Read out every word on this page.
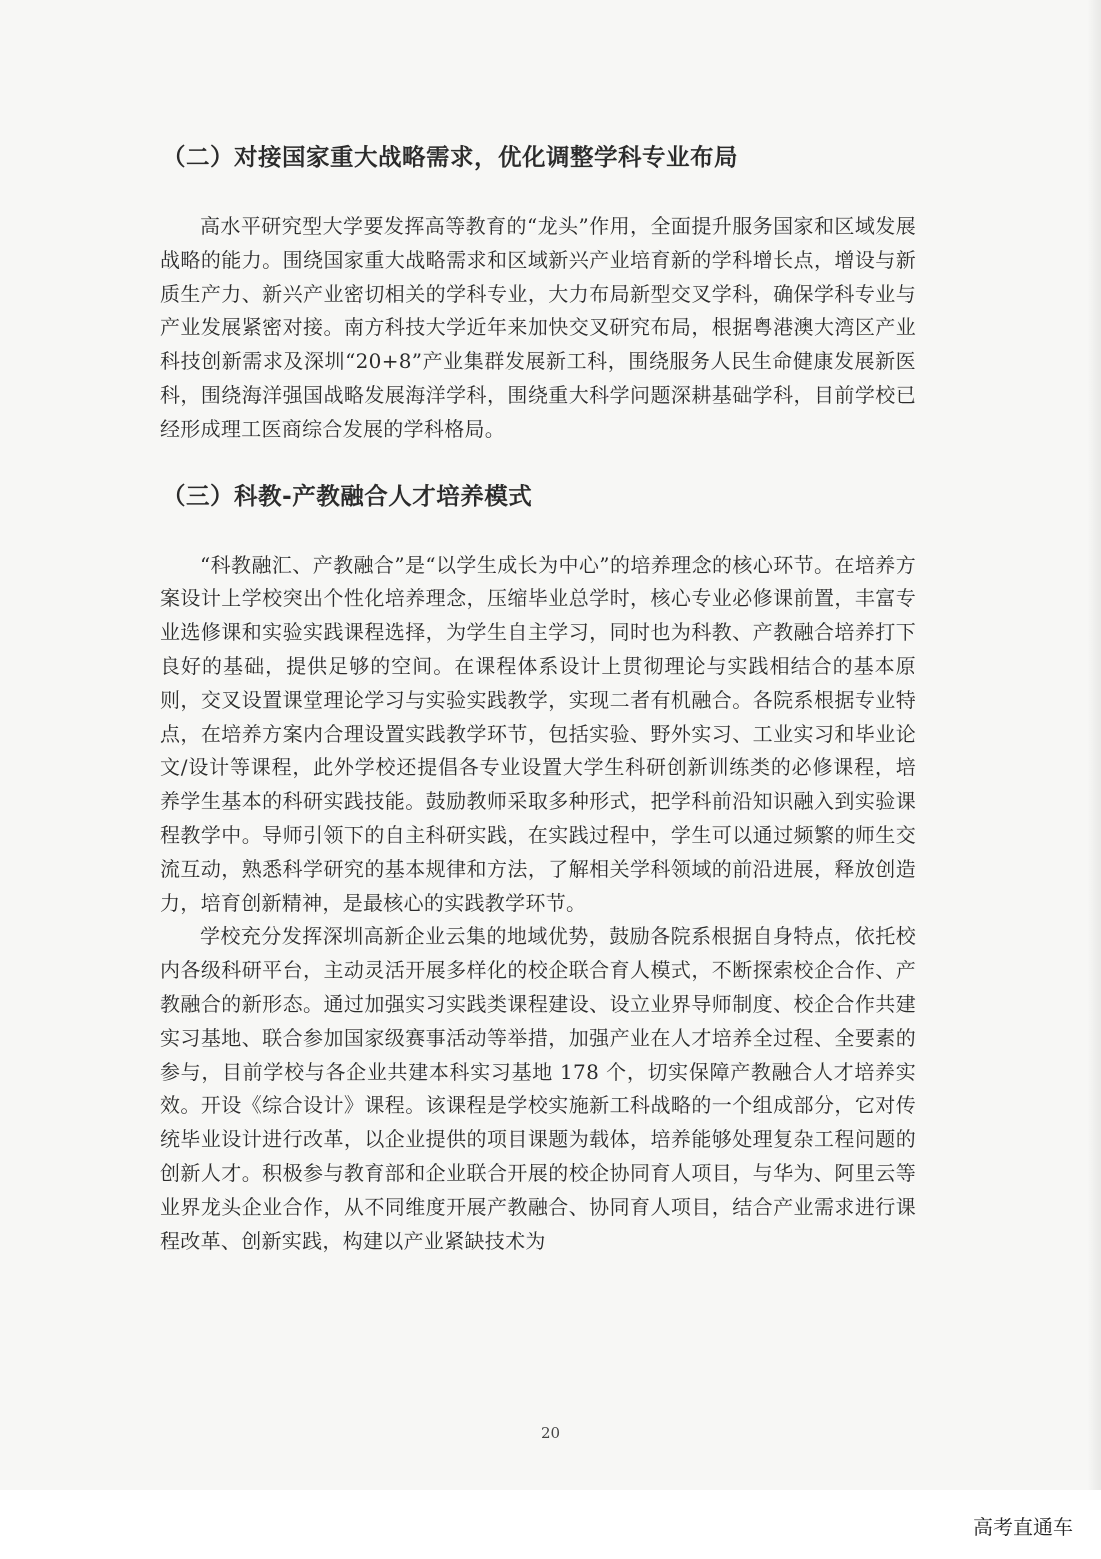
（二）对接国家重大战略需求，优化调整学科专业布局

高水平研究型大学要发挥高等教育的“龙头”作用，全面提升服务国家和区域发展战略的能力。围绕国家重大战略需求和区域新兴产业培育新的学科增长点，增设与新质生产力、新兴产业密切相关的学科专业，大力布局新型交叉学科，确保学科专业与产业发展紧密对接。南方科技大学近年来加快交叉研究布局，根据粤港澳大湾区产业科技创新需求及深圳“20+8”产业集群发展新工科，围绕服务人民生命健康发展新医科，围绕海洋强国战略发展海洋学科，围绕重大科学问题深耕基础学科，目前学校已经形成理工医商综合发展的学科格局。

（三）科教-产教融合人才培养模式

“科教融汇、产教融合”是“以学生成长为中心”的培养理念的核心环节。在培养方案设计上学校突出个性化培养理念，压缩毕业总学时，核心专业必修课前置，丰富专业选修课和实验实践课程选择，为学生自主学习，同时也为科教、产教融合培养打下良好的基础，提供足够的空间。在课程体系设计上贯彻理论与实践相结合的基本原则，交叉设置课堂理论学习与实验实践教学，实现二者有机融合。各院系根据专业特点，在培养方案内合理设置实践教学环节，包括实验、野外实习、工业实习和毕业论文/设计等课程，此外学校还提倡各专业设置大学生科研创新训练类的必修课程，培养学生基本的科研实践技能。鼓励教师采取多种形式，把学科前沿知识融入到实验课程教学中。导师引领下的自主科研实践，在实践过程中，学生可以通过频繁的师生交流互动，熟悉科学研究的基本规律和方法，了解相关学科领域的前沿进展，释放创造力，培育创新精神，是最核心的实践教学环节。

学校充分发挥深圳高新企业云集的地域优势，鼓励各院系根据自身特点，依托校内各级科研平台，主动灵活开展多样化的校企联合育人模式，不断探索校企合作、产教融合的新形态。通过加强实习实践类课程建设、设立业界导师制度、校企合作共建实习基地、联合参加国家级赛事活动等举措，加强产业在人才培养全过程、全要素的参与，目前学校与各企业共建本科实习基地 178 个，切实保障产教融合人才培养实效。开设《综合设计》课程。该课程是学校实施新工科战略的一个组成部分，它对传统毕业设计进行改革，以企业提供的项目课题为载体，培养能够处理复杂工程问题的创新人才。积极参与教育部和企业联合开展的校企协同育人项目，与华为、阿里云等业界龙头企业合作，从不同维度开展产教融合、协同育人项目，结合产业需求进行课程改革、创新实践，构建以产业紧缺技术为

20
高考直通车
